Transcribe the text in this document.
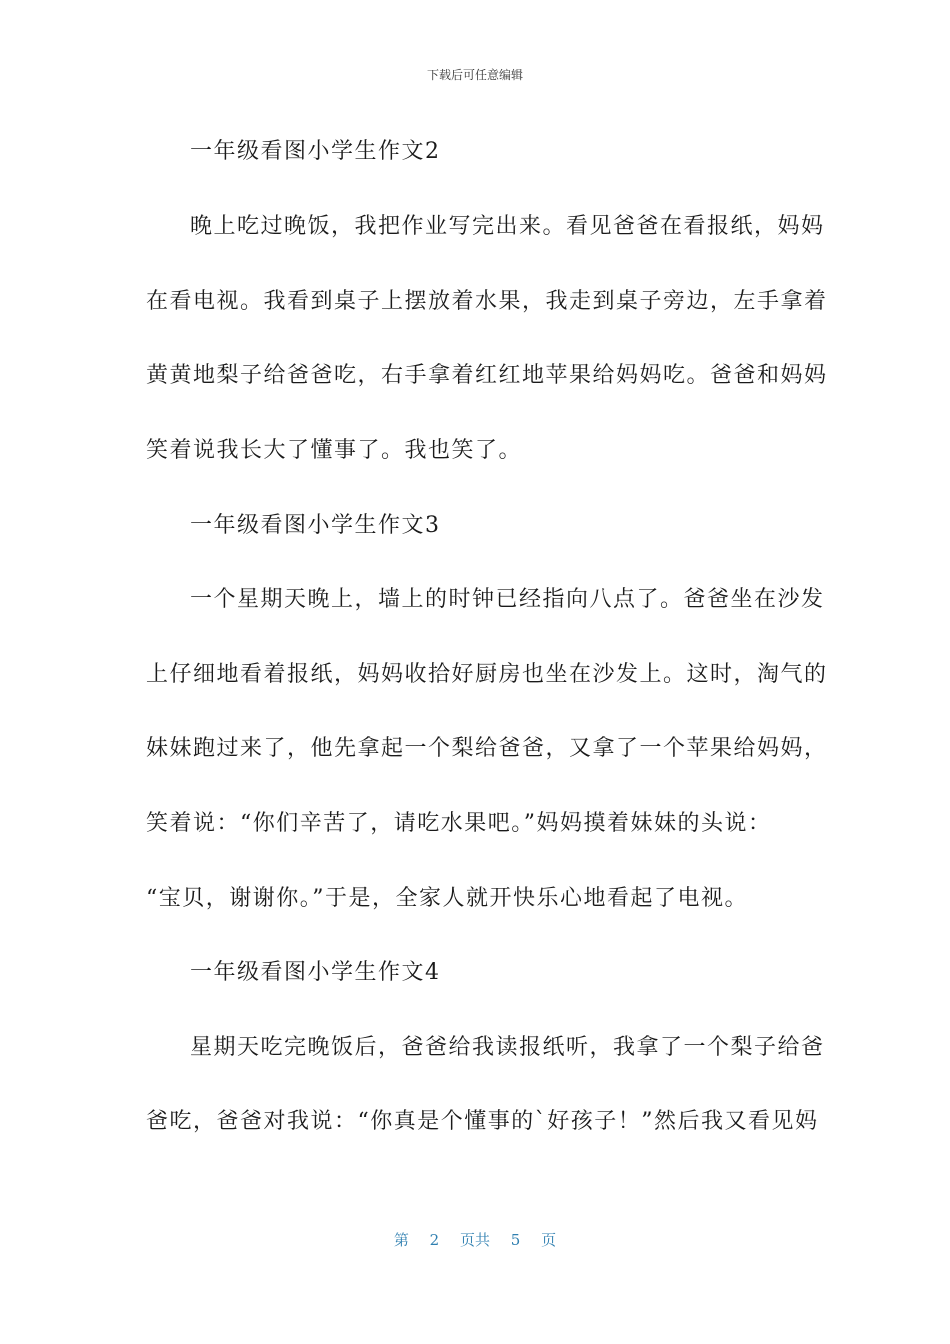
下载后可任意编辑
一年级看图小学生作文2
晚上吃过晚饭，我把作业写完出来。看见爸爸在看报纸，妈妈
在看电视。我看到桌子上摆放着水果，我走到桌子旁边，左手拿着
黄黄地梨子给爸爸吃，右手拿着红红地苹果给妈妈吃。爸爸和妈妈
笑着说我长大了懂事了。我也笑了。
一年级看图小学生作文3
一个星期天晚上，墙上的时钟已经指向八点了。爸爸坐在沙发
上仔细地看着报纸，妈妈收拾好厨房也坐在沙发上。这时，淘气的
妹妹跑过来了，他先拿起一个梨给爸爸，又拿了一个苹果给妈妈，
笑着说：“你们辛苦了，请吃水果吧。”妈妈摸着妹妹的头说：
“宝贝，谢谢你。”于是，全家人就开快乐心地看起了电视。
一年级看图小学生作文4
星期天吃完晚饭后，爸爸给我读报纸听，我拿了一个梨子给爸
爸吃，爸爸对我说：“你真是个懂事的`好孩子！”然后我又看见妈
第 2 页共 5 页
